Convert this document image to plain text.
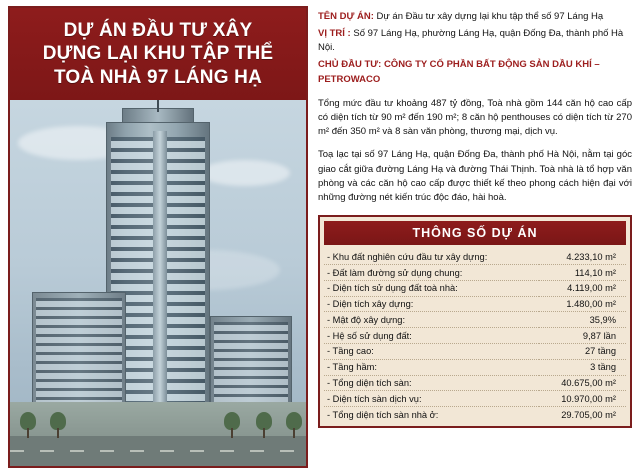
DỰ ÁN ĐẦU TƯ XÂY
DỰNG LẠI KHU TẬP THỂ
TOÀ NHÀ 97 LÁNG HẠ
TÊN DỰ ÁN: Dự án Đầu tư xây dựng lại khu tập thể số 97 Láng Hạ
VỊ TRÍ : Số 97 Láng Hạ, phường Láng Hạ, quận Đống Đa, thành phố Hà Nội.
CHỦ ĐẦU TƯ: CÔNG TY CỔ PHẦN BẤT ĐỘNG SẢN DẦU KHÍ – PETROWACO
Tổng mức đầu tư khoảng 487 tỷ đồng, Toà nhà gồm 144 căn hộ cao cấp có diện tích từ 90 m² đến 190 m²; 8 căn hộ penthouses có diện tích từ 270 m² đến 350 m² và 8 sàn văn phòng, thương mại, dịch vụ.
Toạ lạc tại số 97 Láng Hạ, quận Đống Đa, thành phố Hà Nội, nằm tại góc giao cắt giữa đường Láng Hạ và đường Thái Thịnh. Toà nhà là tổ hợp văn phòng và các căn hộ cao cấp được thiết kế theo phong cách hiện đại với những đường nét kiến trúc độc đáo, hài hoà.
THÔNG SỐ DỰ ÁN
- Khu đất nghiên cứu đầu tư xây dựng:	4.233,10 m²
- Đất làm đường sử dụng chung:	114,10 m²
- Diện tích sử dụng đất toà nhà:	4.119,00 m²
- Diện tích xây dựng:	1.480,00 m²
- Mật độ xây dựng:	35,9%
- Hệ số sử dụng đất:	9,87 lần
- Tầng cao:	27 tầng
- Tầng hầm:	3 tầng
- Tổng diện tích sàn:	40.675,00 m²
- Diện tích sàn dịch vụ:	10.970,00 m²
- Tổng diện tích sàn nhà ở:	29.705,00 m²
